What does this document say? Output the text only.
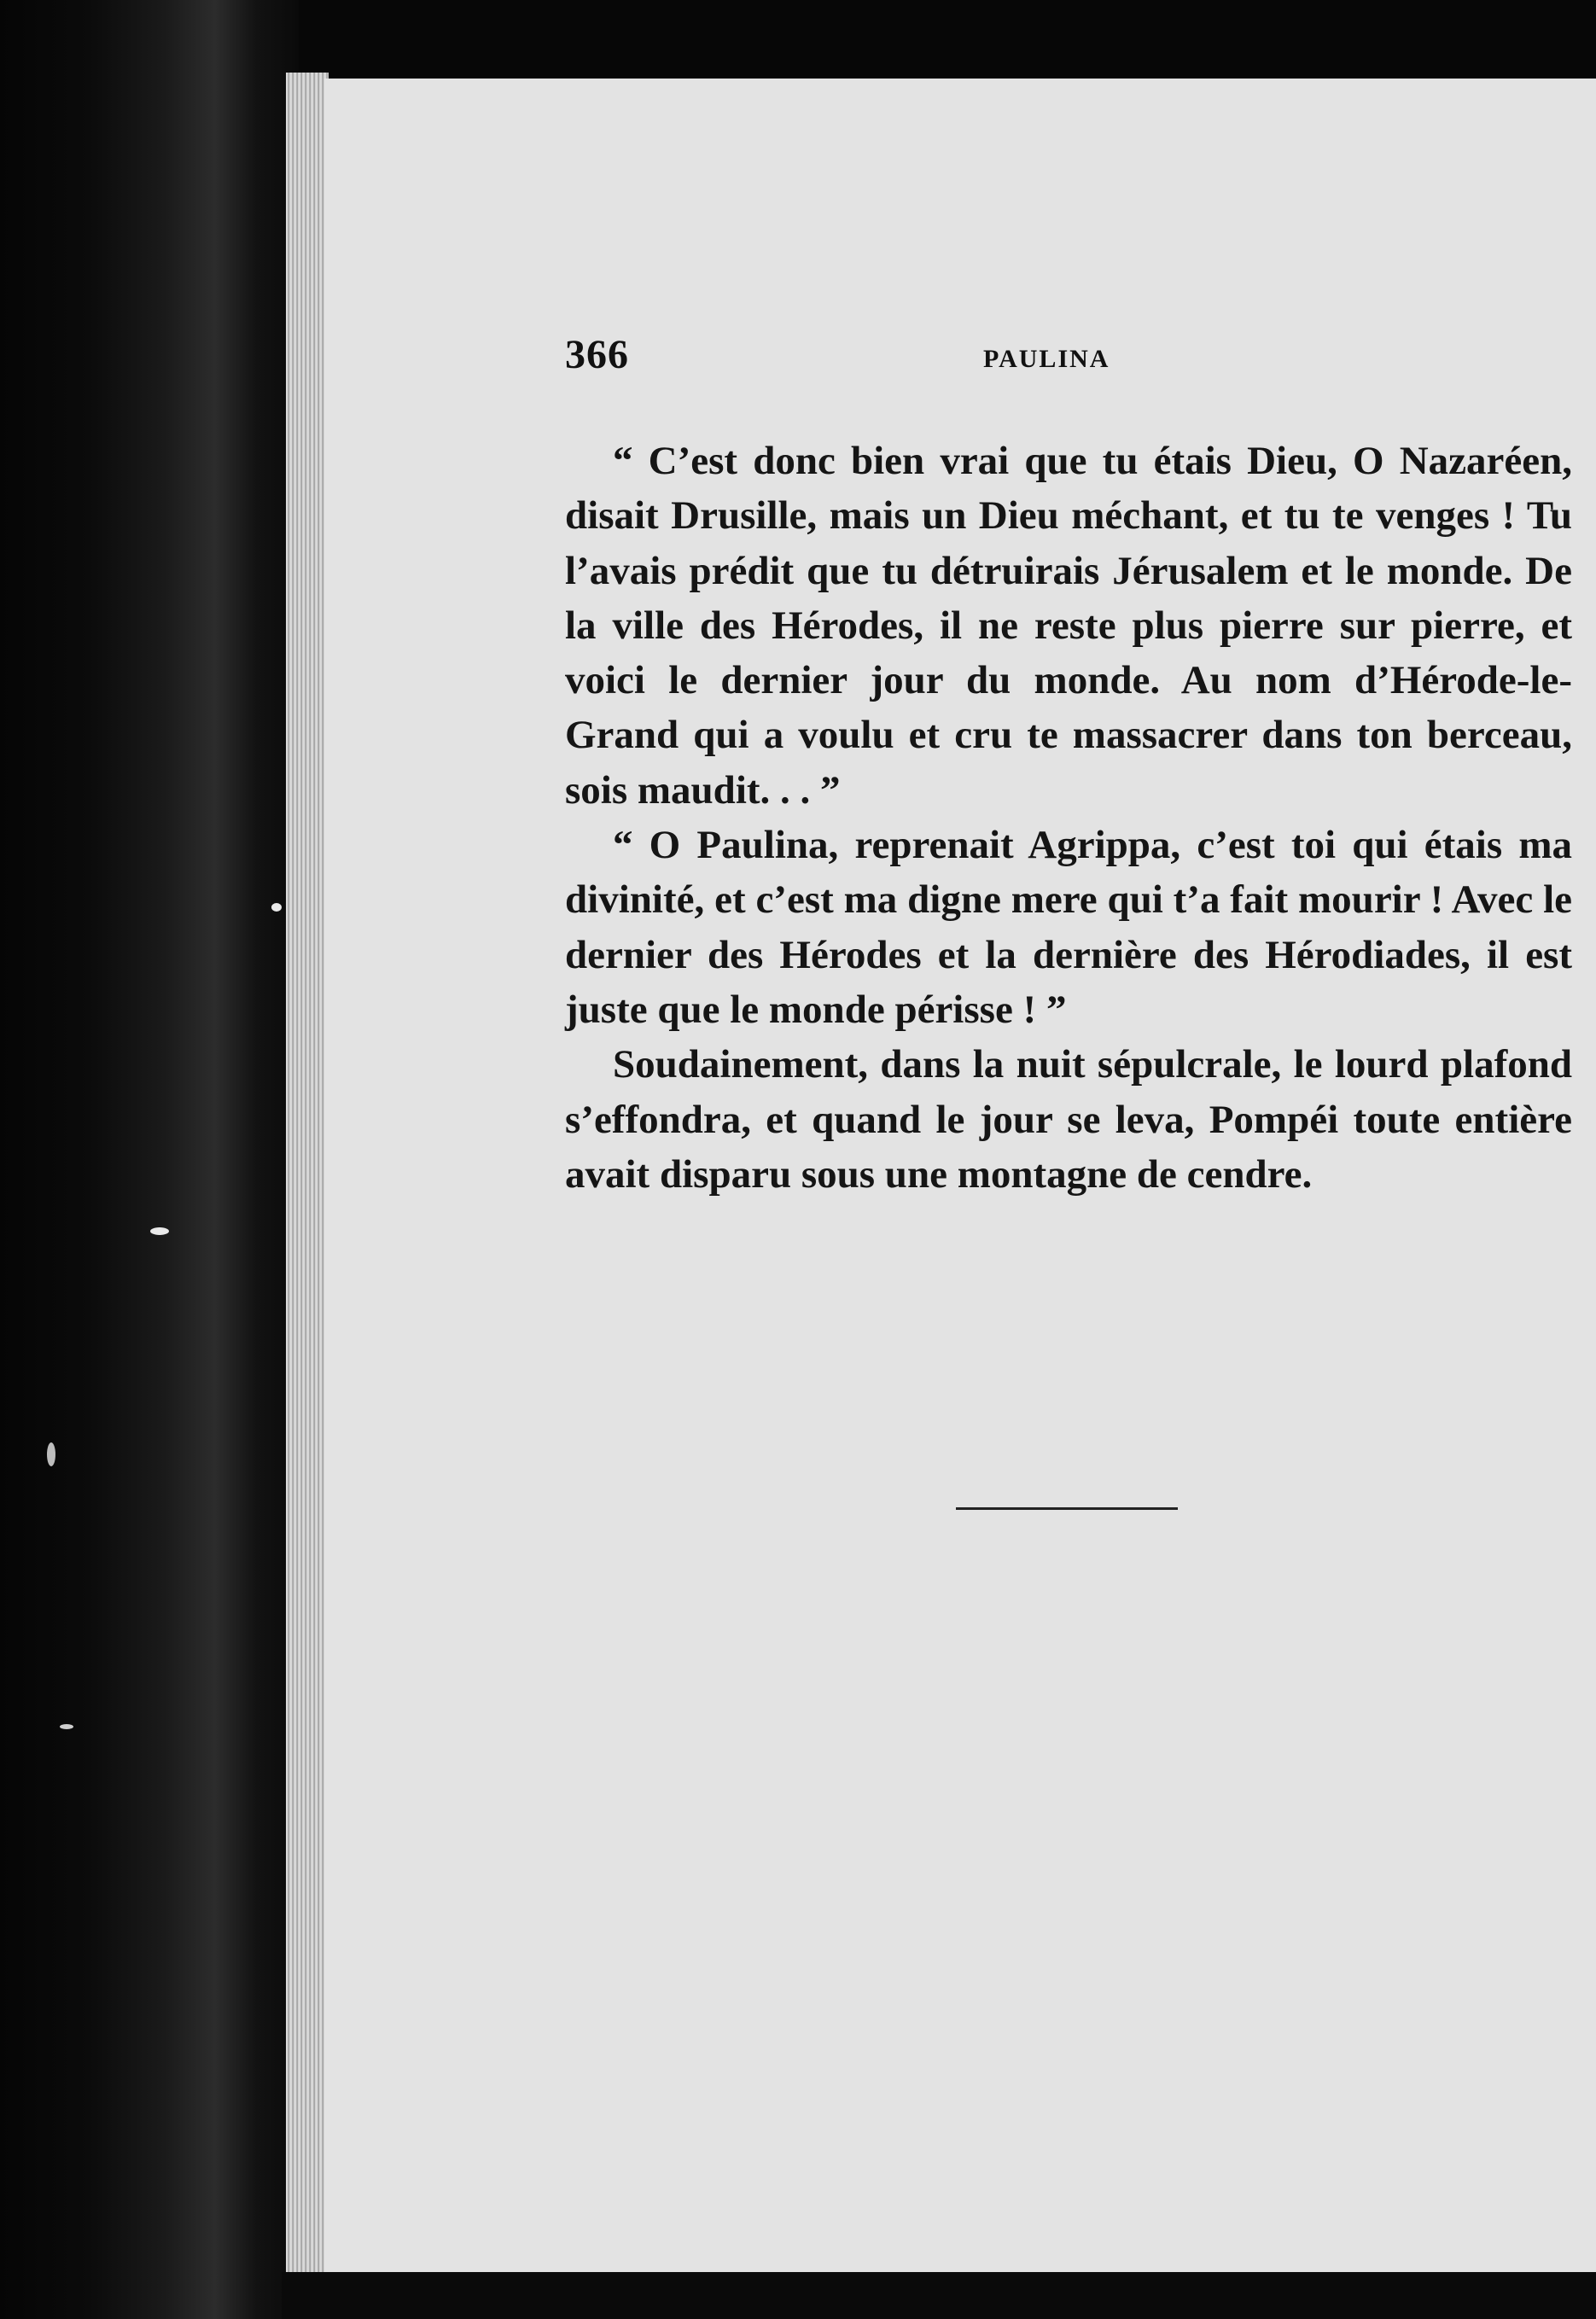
366	PAULINA

“ C’est donc bien vrai que tu étais Dieu, O Nazaréen, disait Drusille, mais un Dieu méchant, et tu te venges ! Tu l’avais prédit que tu détruirais Jérusalem et le monde. De la ville des Hérodes, il ne reste plus pierre sur pierre, et voici le dernier jour du monde. Au nom d’Hérode-le-Grand qui a voulu et cru te massacrer dans ton berceau, sois maudit. . . ”

“ O Paulina, reprenait Agrippa, c’est toi qui étais ma divinité, et c’est ma digne mere qui t’a fait mourir ! Avec le dernier des Hérodes et la dernière des Hérodiades, il est juste que le monde périsse ! ”

Soudainement, dans la nuit sépulcrale, le lourd plafond s’effondra, et quand le jour se leva, Pompéi toute entière avait disparu sous une montagne de cendre.
